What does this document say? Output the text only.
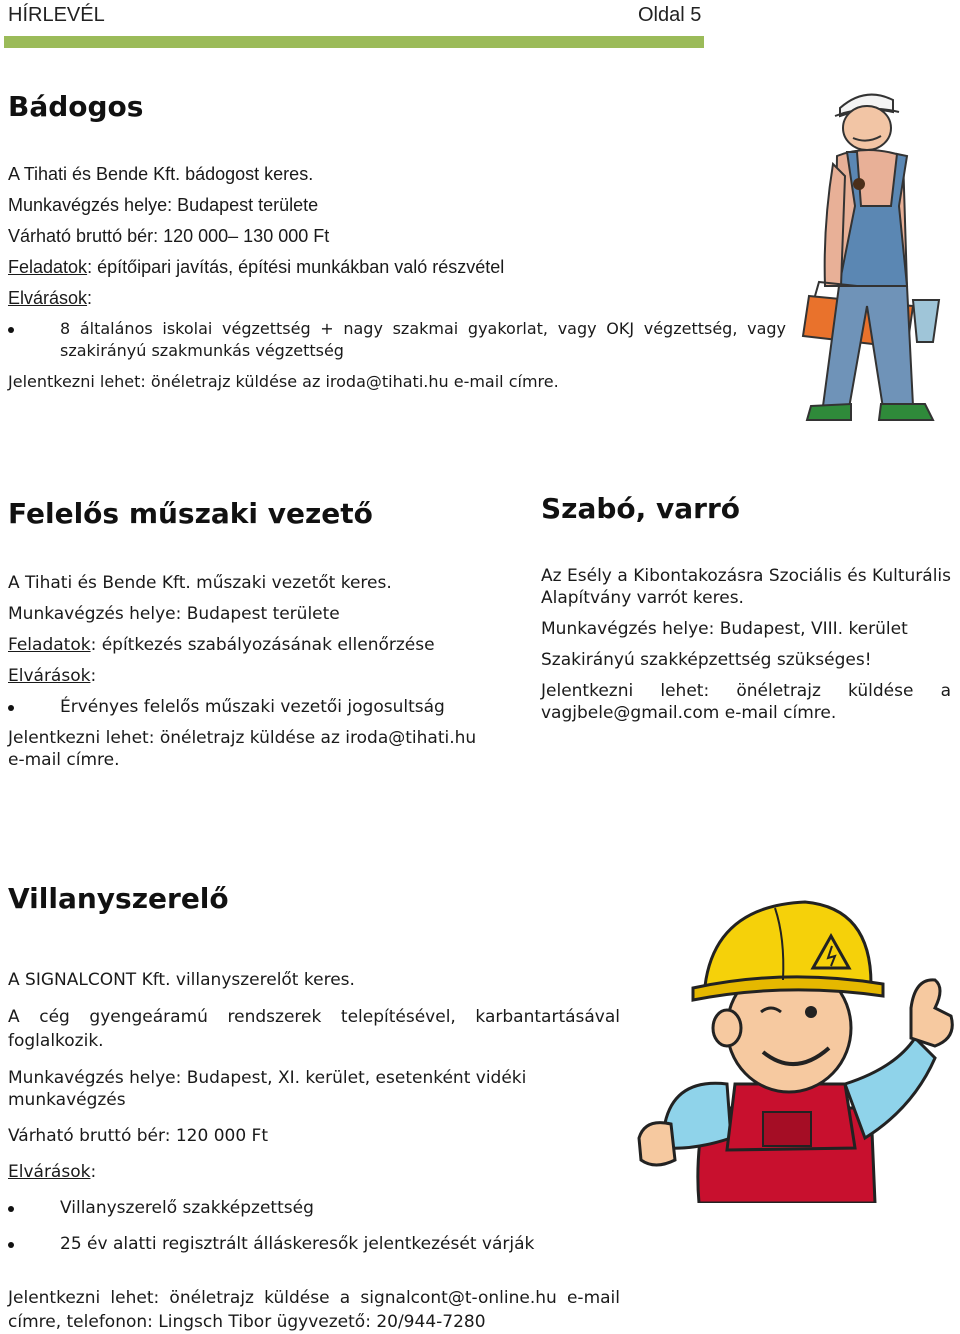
HÍRLEVÉL	Oldal 5
Bádogos

A Tihati és Bende Kft. bádogost keres.

Munkavégzés helye: Budapest területe

Várható bruttó bér: 120 000– 130 000 Ft

Feladatok: építőipari javítás, építési munkákban való részvétel

Elvárások:

8 általános iskolai végzettség + nagy szakmai gyakorlat, vagy OKJ végzettség, vagy szakirányú szakmunkás végzettség

Jelentkezni lehet: önéletrajz küldése az iroda@tihati.hu e-mail címre.

Felelős műszaki vezető

A Tihati és Bende Kft. műszaki vezetőt keres.

Munkavégzés helye: Budapest területe

Feladatok: építkezés szabályozásának ellenőrzése

Elvárások:

Érvényes felelős műszaki vezetői jogosultság

Jelentkezni lehet: önéletrajz küldése az iroda@tihati.hu

e-mail címre.

Szabó, varró

Az Esély a Kibontakozásra Szociális és Kulturális Alapítvány varrót keres.

Munkavégzés helye: Budapest, VIII. kerület

Szakirányú szakképzettség szükséges!

Jelentkezni lehet: önéletrajz küldése a vagjbele@gmail.com e-mail címre.

Villanyszerelő

A SIGNALCONT Kft. villanyszerelőt keres.

A cég gyengeáramú rendszerek telepítésével, karbantartásával foglalkozik.

Munkavégzés helye: Budapest, XI. kerület, esetenként vidéki munkavégzés

Várható bruttó bér: 120 000 Ft

Elvárások:

Villanyszerelő szakképzettség

25 év alatti regisztrált álláskeresők jelentkezését várják

Jelentkezni lehet: önéletrajz küldése a signalcont@t-online.hu e-mail címre, telefonon: Lingsch Tibor ügyvezető: 20/944-7280
